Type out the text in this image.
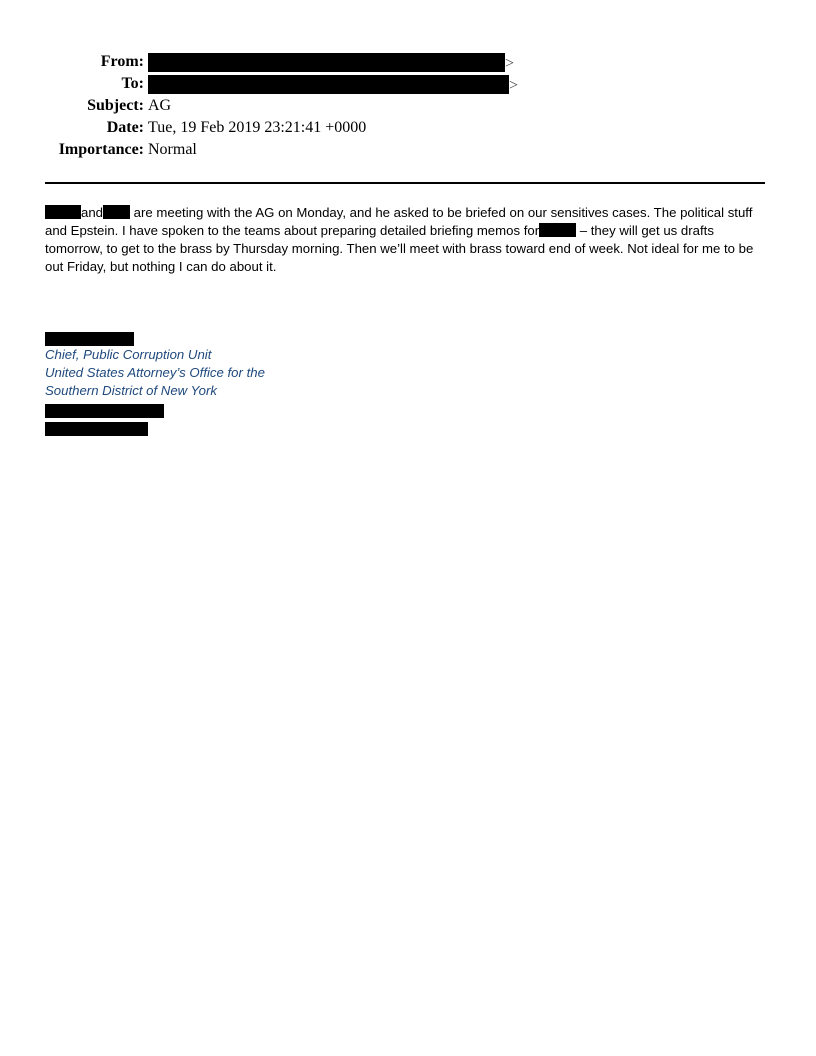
From:	>
To:	>
Subject: AG
Date: Tue, 19 Feb 2019 23:21:41 +0000
Importance: Normal
and are meeting with the AG on Monday, and he asked to be briefed on our sensitives cases. The political stuff and Epstein. I have spoken to the teams about preparing detailed briefing memos for	– they will get us drafts tomorrow, to get to the brass by Thursday morning. Then we’ll meet with brass toward end of week. Not ideal for me to be out Friday, but nothing I can do about it.
Chief, Public Corruption Unit
United States Attorney’s Office for the
Southern District of New York
